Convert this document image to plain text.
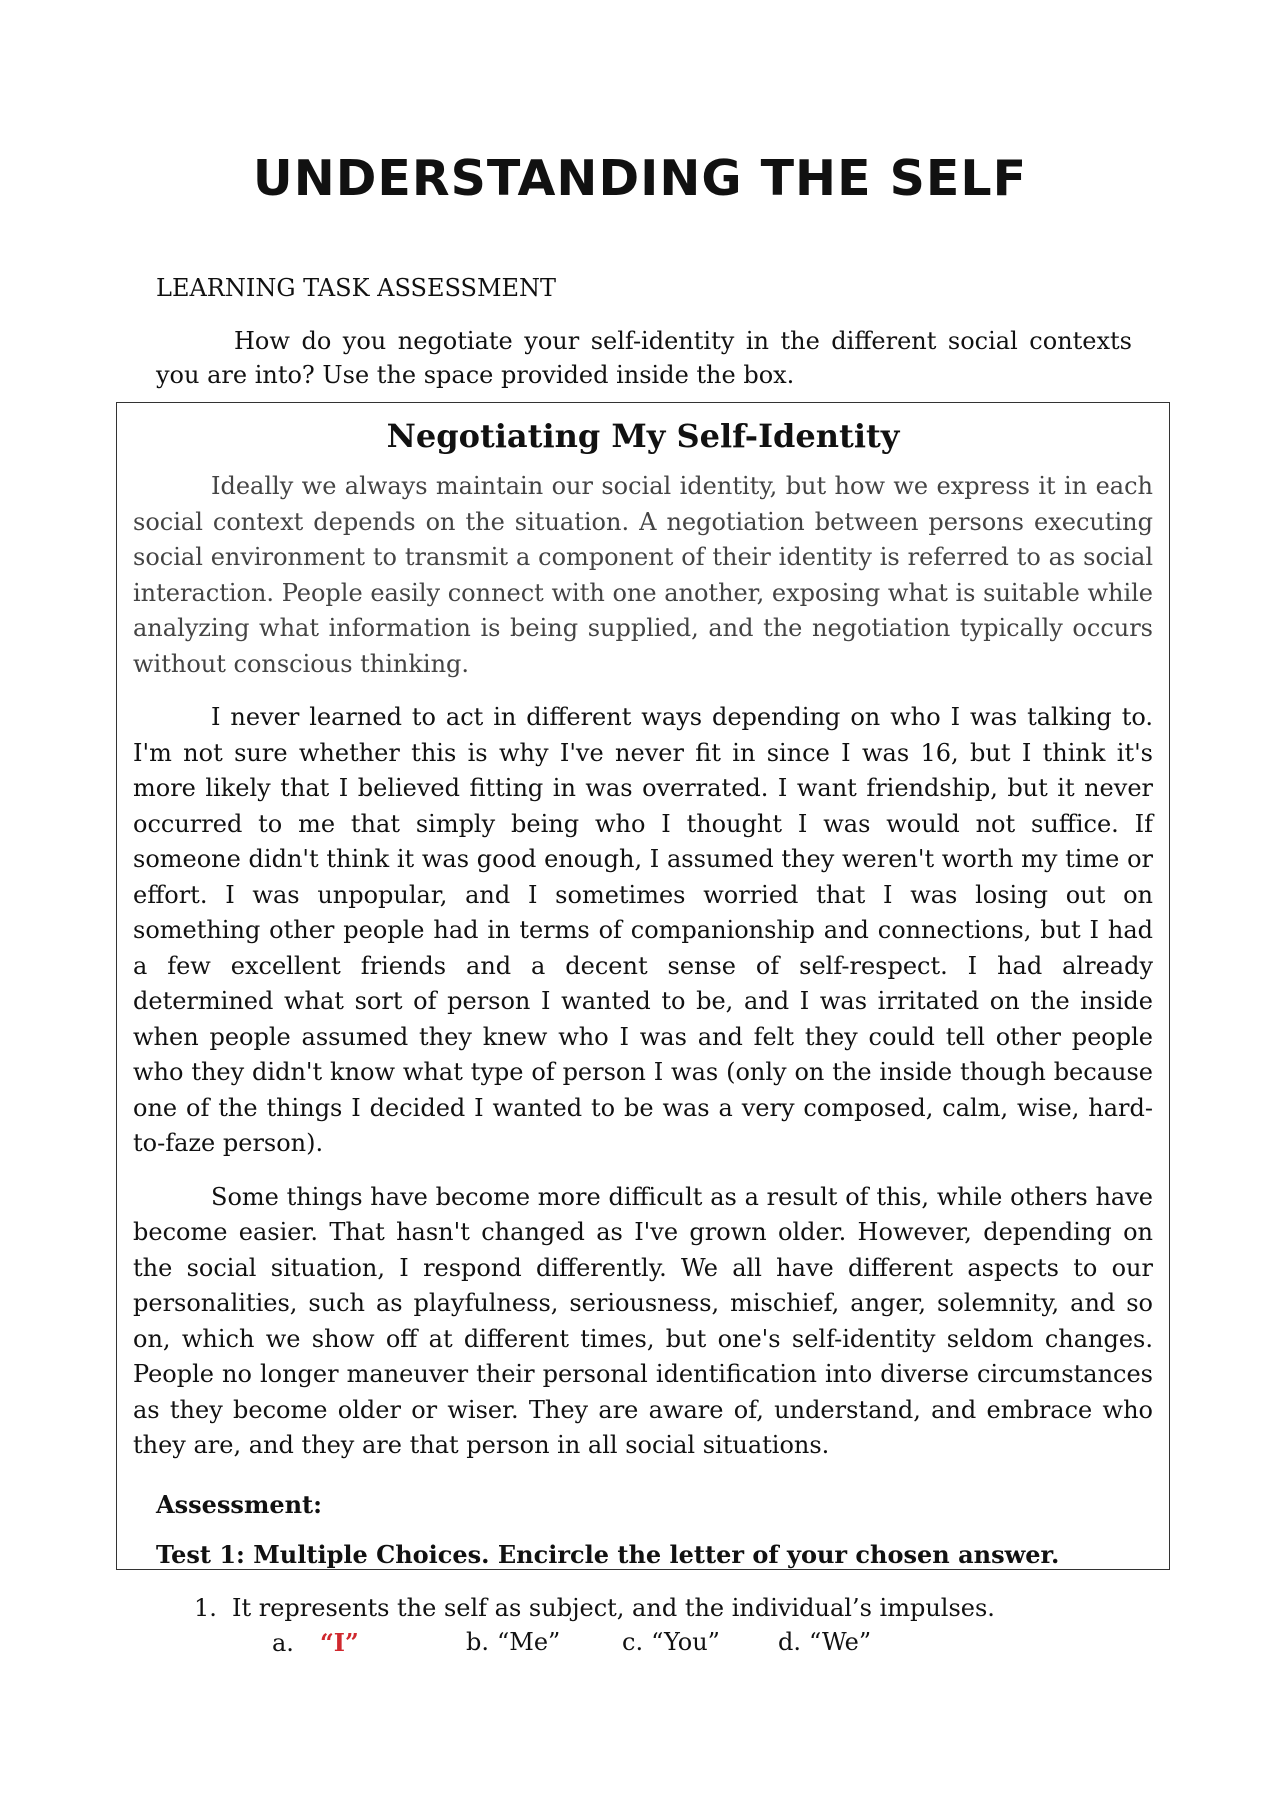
UNDERSTANDING THE SELF

LEARNING TASK ASSESSMENT

How do you negotiate your self-identity in the different social contexts you are into? Use the space provided inside the box.

Negotiating My Self-Identity

Ideally we always maintain our social identity, but how we express it in each social context depends on the situation. A negotiation between persons executing social environment to transmit a component of their identity is referred to as social interaction. People easily connect with one another, exposing what is suitable while analyzing what information is being supplied, and the negotiation typically occurs without conscious thinking.

I never learned to act in different ways depending on who I was talking to. I'm not sure whether this is why I've never fit in since I was 16, but I think it's more likely that I believed fitting in was overrated. I want friendship, but it never occurred to me that simply being who I thought I was would not suffice. If someone didn't think it was good enough, I assumed they weren't worth my time or effort. I was unpopular, and I sometimes worried that I was losing out on something other people had in terms of companionship and connections, but I had a few excellent friends and a decent sense of self-respect. I had already determined what sort of person I wanted to be, and I was irritated on the inside when people assumed they knew who I was and felt they could tell other people who they didn't know what type of person I was (only on the inside though because one of the things I decided I wanted to be was a very composed, calm, wise, hard-to-faze person).

Some things have become more difficult as a result of this, while others have become easier. That hasn't changed as I've grown older. However, depending on the social situation, I respond differently. We all have different aspects to our personalities, such as playfulness, seriousness, mischief, anger, solemnity, and so on, which we show off at different times, but one's self-identity seldom changes. People no longer maneuver their personal identification into diverse circumstances as they become older or wiser. They are aware of, understand, and embrace who they are, and they are that person in all social situations.

Assessment:

Test 1: Multiple Choices. Encircle the letter of your chosen answer.

1. It represents the self as subject, and the individual’s impulses.
a. “I”	b. “Me”	c. “You” d. “We”
